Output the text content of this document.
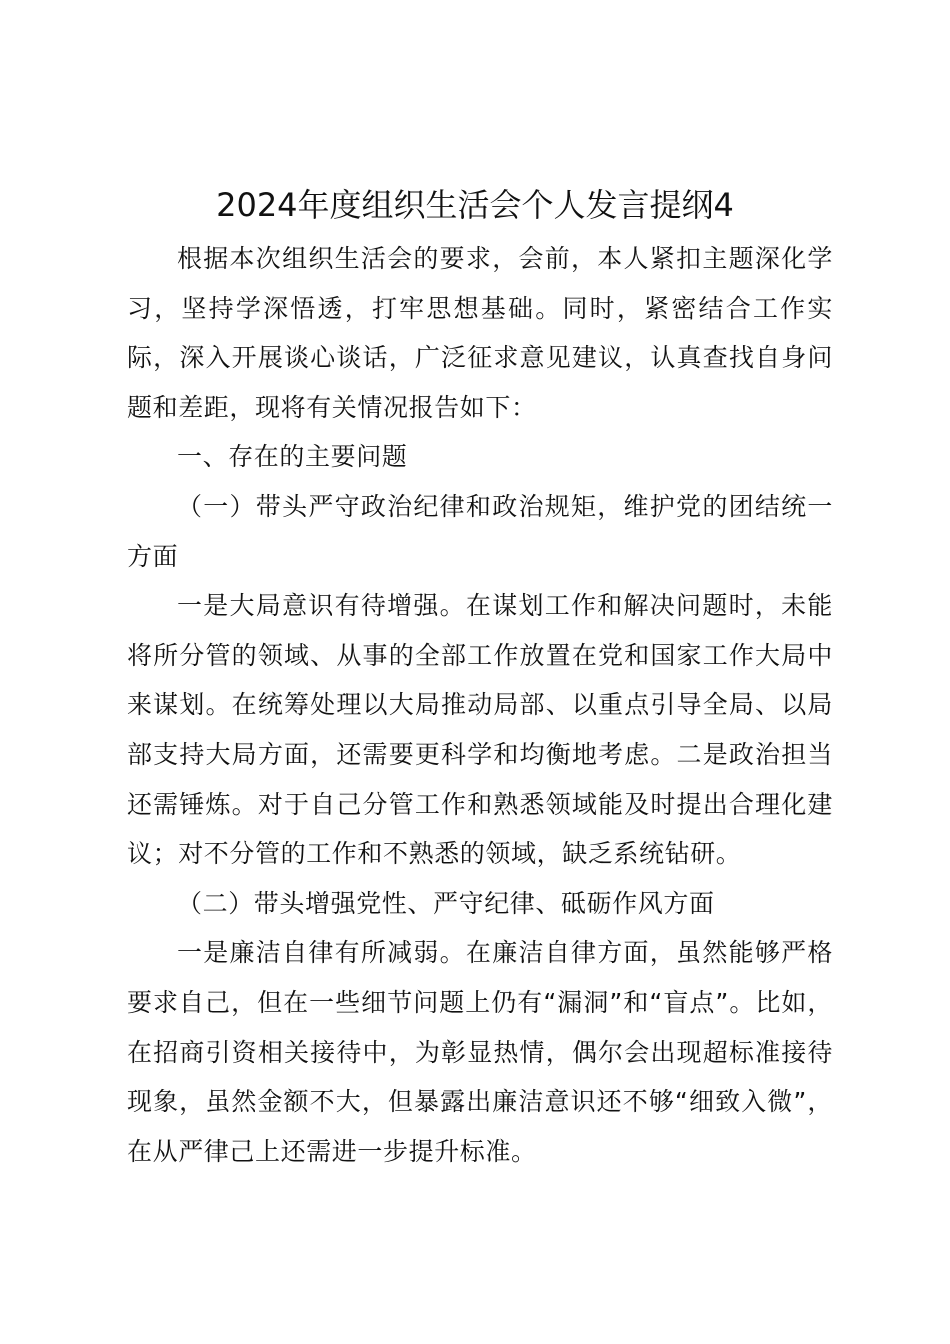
2024年度组织生活会个人发言提纲4

根据本次组织生活会的要求，会前，本人紧扣主题深化学习，坚持学深悟透，打牢思想基础。同时，紧密结合工作实际，深入开展谈心谈话，广泛征求意见建议，认真查找自身问题和差距，现将有关情况报告如下：

一、存在的主要问题

（一）带头严守政治纪律和政治规矩，维护党的团结统一方面

一是大局意识有待增强。在谋划工作和解决问题时，未能将所分管的领域、从事的全部工作放置在党和国家工作大局中来谋划。在统筹处理以大局推动局部、以重点引导全局、以局部支持大局方面，还需要更科学和均衡地考虑。二是政治担当还需锤炼。对于自己分管工作和熟悉领域能及时提出合理化建议；对不分管的工作和不熟悉的领域，缺乏系统钻研。

（二）带头增强党性、严守纪律、砥砺作风方面

一是廉洁自律有所减弱。在廉洁自律方面，虽然能够严格要求自己，但在一些细节问题上仍有“漏洞”和“盲点”。比如，在招商引资相关接待中，为彰显热情，偶尔会出现超标准接待现象，虽然金额不大，但暴露出廉洁意识还不够“细致入微”，在从严律己上还需进一步提升标准。
